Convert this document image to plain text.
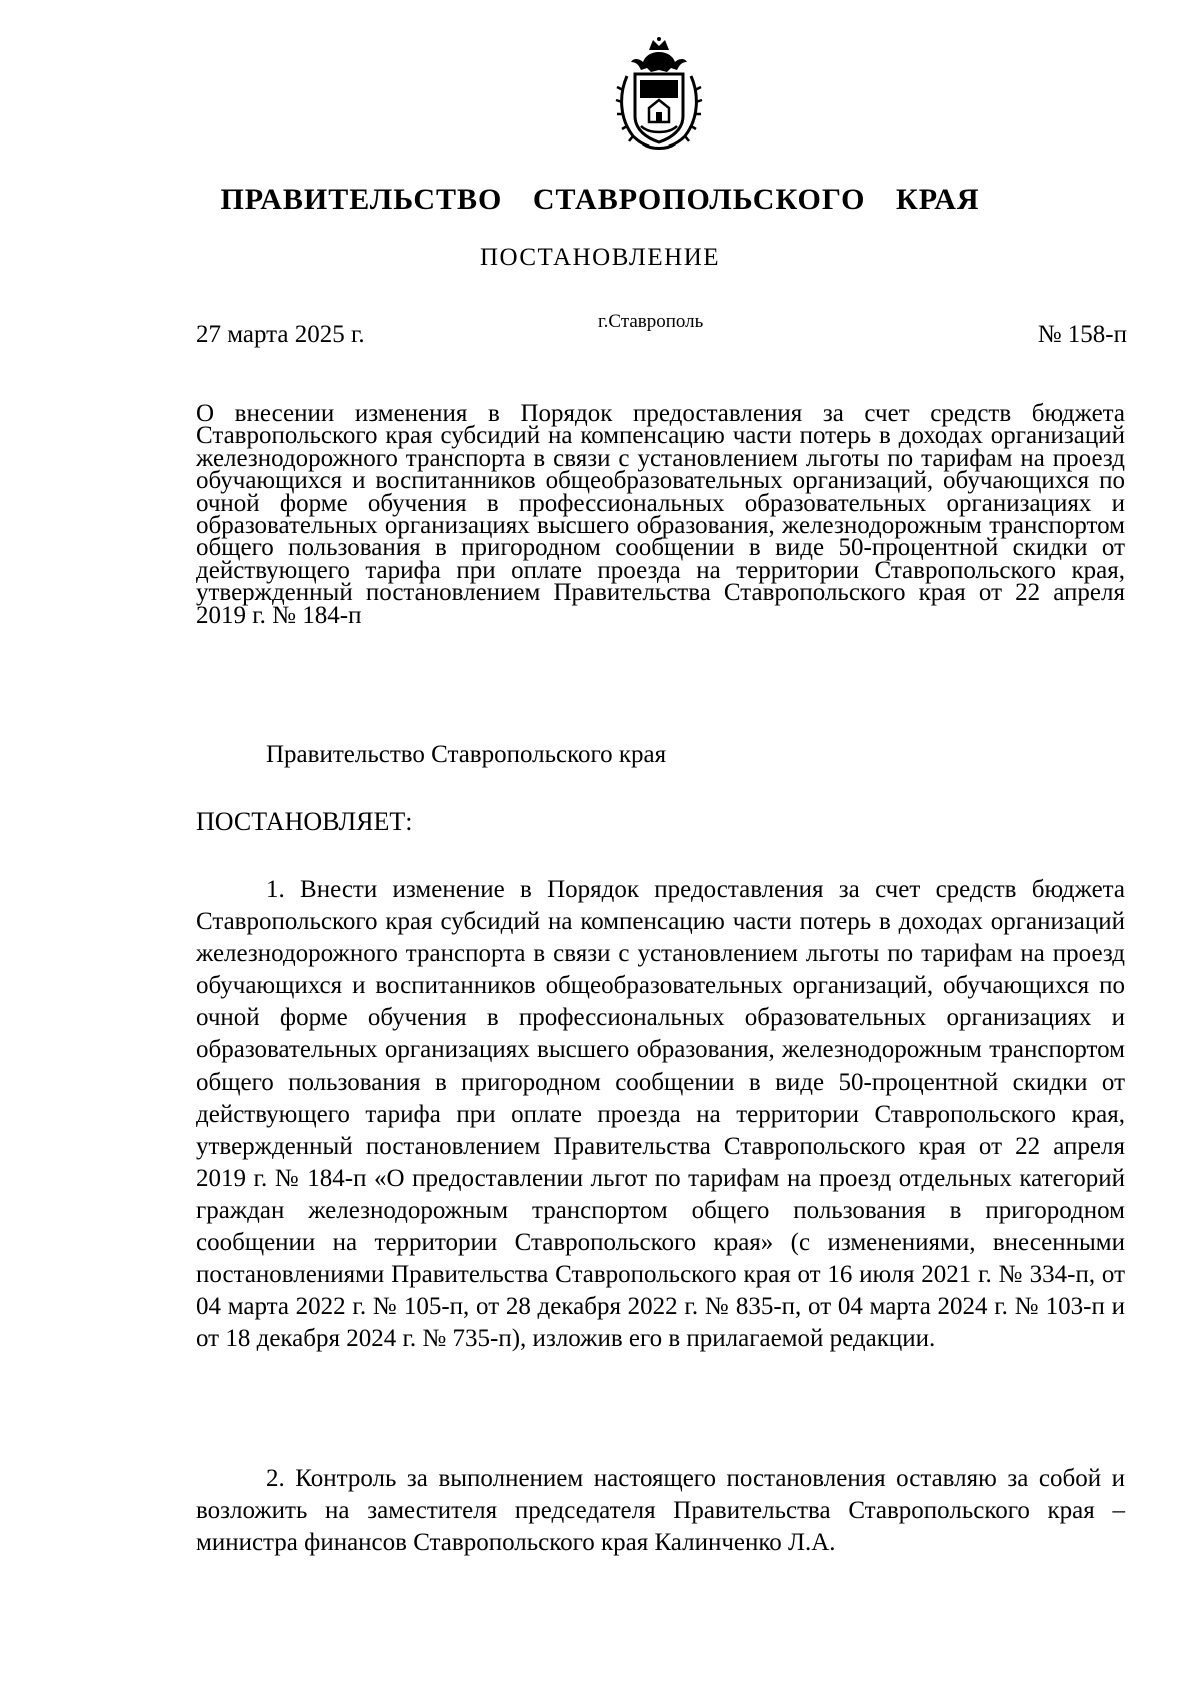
ПРАВИТЕЛЬСТВО СТАВРОПОЛЬСКОГО КРАЯ
ПОСТАНОВЛЕНИЕ
27 марта 2025 г.	г.Ставрополь	№ 158-п
О внесении изменения в Порядок предоставления за счет средств бюджета Ставропольского края субсидий на компенсацию части потерь в доходах организаций железнодорожного транспорта в связи с установлением льготы по тарифам на проезд обучающихся и воспитанников общеобразовательных организаций, обучающихся по очной форме обучения в профессиональных образовательных организациях и образовательных организациях высшего образования, железнодорожным транспортом общего пользования в пригородном сообщении в виде 50-процентной скидки от действующего тарифа при оплате проезда на территории Ставропольского края, утвержденный постановлением Правительства Ставропольского края от 22 апреля 2019 г. № 184-п
Правительство Ставропольского края
ПОСТАНОВЛЯЕТ:
1. Внести изменение в Порядок предоставления за счет средств бюджета Ставропольского края субсидий на компенсацию части потерь в доходах организаций железнодорожного транспорта в связи с установлением льготы по тарифам на проезд обучающихся и воспитанников общеобразовательных организаций, обучающихся по очной форме обучения в профессиональных образовательных организациях и образовательных организациях высшего образования, железнодорожным транспортом общего пользования в пригородном сообщении в виде 50-процентной скидки от действующего тарифа при оплате проезда на территории Ставропольского края, утвержденный постановлением Правительства Ставропольского края от 22 апреля 2019 г. № 184-п «О предоставлении льгот по тарифам на проезд отдельных категорий граждан железнодорожным транспортом общего пользования в пригородном сообщении на территории Ставропольского края» (с изменениями, внесенными постановлениями Правительства Ставропольского края от 16 июля 2021 г. № 334-п, от 04 марта 2022 г. № 105-п, от 28 декабря 2022 г. № 835-п, от 04 марта 2024 г. № 103-п и от 18 декабря 2024 г. № 735-п), изложив его в прилагаемой редакции.
2. Контроль за выполнением настоящего постановления оставляю за собой и возложить на заместителя председателя Правительства Ставропольского края – министра финансов Ставропольского края Калинченко Л.А.
